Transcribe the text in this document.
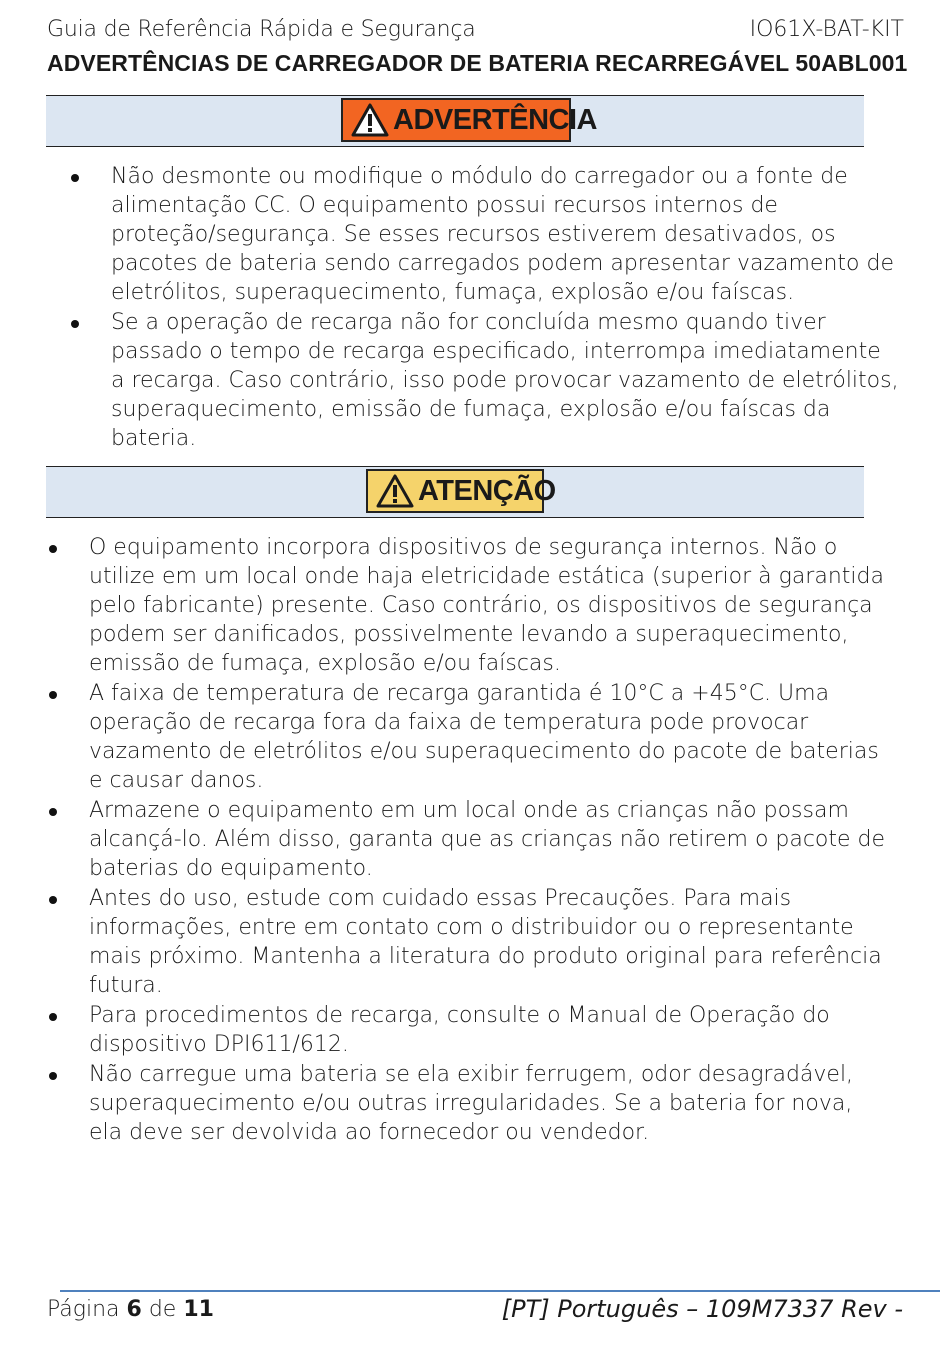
Guia de Referência Rápida e Segurança	IO61X-BAT-KIT
ADVERTÊNCIAS DE CARREGADOR DE BATERIA RECARREGÁVEL 50ABL001
ADVERTÊNCIA
Não desmonte ou modifique o módulo do carregador ou a fonte de alimentação CC. O equipamento possui recursos internos de proteção/segurança. Se esses recursos estiverem desativados, os pacotes de bateria sendo carregados podem apresentar vazamento de eletrólitos, superaquecimento, fumaça, explosão e/ou faíscas.
Se a operação de recarga não for concluída mesmo quando tiver passado o tempo de recarga especificado, interrompa imediatamente a recarga. Caso contrário, isso pode provocar vazamento de eletrólitos, superaquecimento, emissão de fumaça, explosão e/ou faíscas da bateria.
ATENÇÃO
O equipamento incorpora dispositivos de segurança internos. Não o utilize em um local onde haja eletricidade estática (superior à garantida pelo fabricante) presente. Caso contrário, os dispositivos de segurança podem ser danificados, possivelmente levando a superaquecimento, emissão de fumaça, explosão e/ou faíscas.
A faixa de temperatura de recarga garantida é 10°C a +45°C. Uma operação de recarga fora da faixa de temperatura pode provocar vazamento de eletrólitos e/ou superaquecimento do pacote de baterias e causar danos.
Armazene o equipamento em um local onde as crianças não possam alcançá-lo. Além disso, garanta que as crianças não retirem o pacote de baterias do equipamento.
Antes do uso, estude com cuidado essas Precauções. Para mais informações, entre em contato com o distribuidor ou o representante mais próximo. Mantenha a literatura do produto original para referência futura.
Para procedimentos de recarga, consulte o Manual de Operação do dispositivo DPI611/612.
Não carregue uma bateria se ela exibir ferrugem, odor desagradável, superaquecimento e/ou outras irregularidades. Se a bateria for nova, ela deve ser devolvida ao fornecedor ou vendedor.
Página 6 de 11	[PT] Português – 109M7337 Rev -
